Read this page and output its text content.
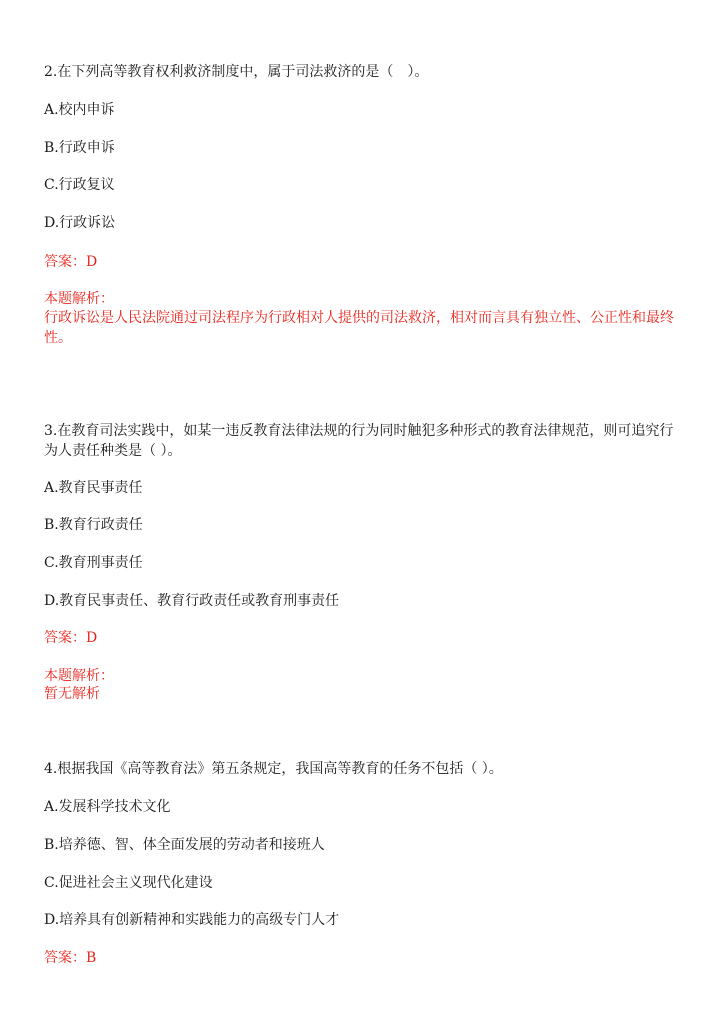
2.在下列高等教育权利救济制度中，属于司法救济的是（　）。
A.校内申诉
B.行政申诉
C.行政复议
D.行政诉讼
答案：D
本题解析：
行政诉讼是人民法院通过司法程序为行政相对人提供的司法救济，相对而言具有独立性、公正性和最终性。
3.在教育司法实践中，如某一违反教育法律法规的行为同时触犯多种形式的教育法律规范，则可追究行为人责任种类是（ ）。
A.教育民事责任
B.教育行政责任
C.教育刑事责任
D.教育民事责任、教育行政责任或教育刑事责任
答案：D
本题解析：
暂无解析
4.根据我国《高等教育法》第五条规定，我国高等教育的任务不包括（ ）。
A.发展科学技术文化
B.培养德、智、体全面发展的劳动者和接班人
C.促进社会主义现代化建设
D.培养具有创新精神和实践能力的高级专门人才
答案：B
